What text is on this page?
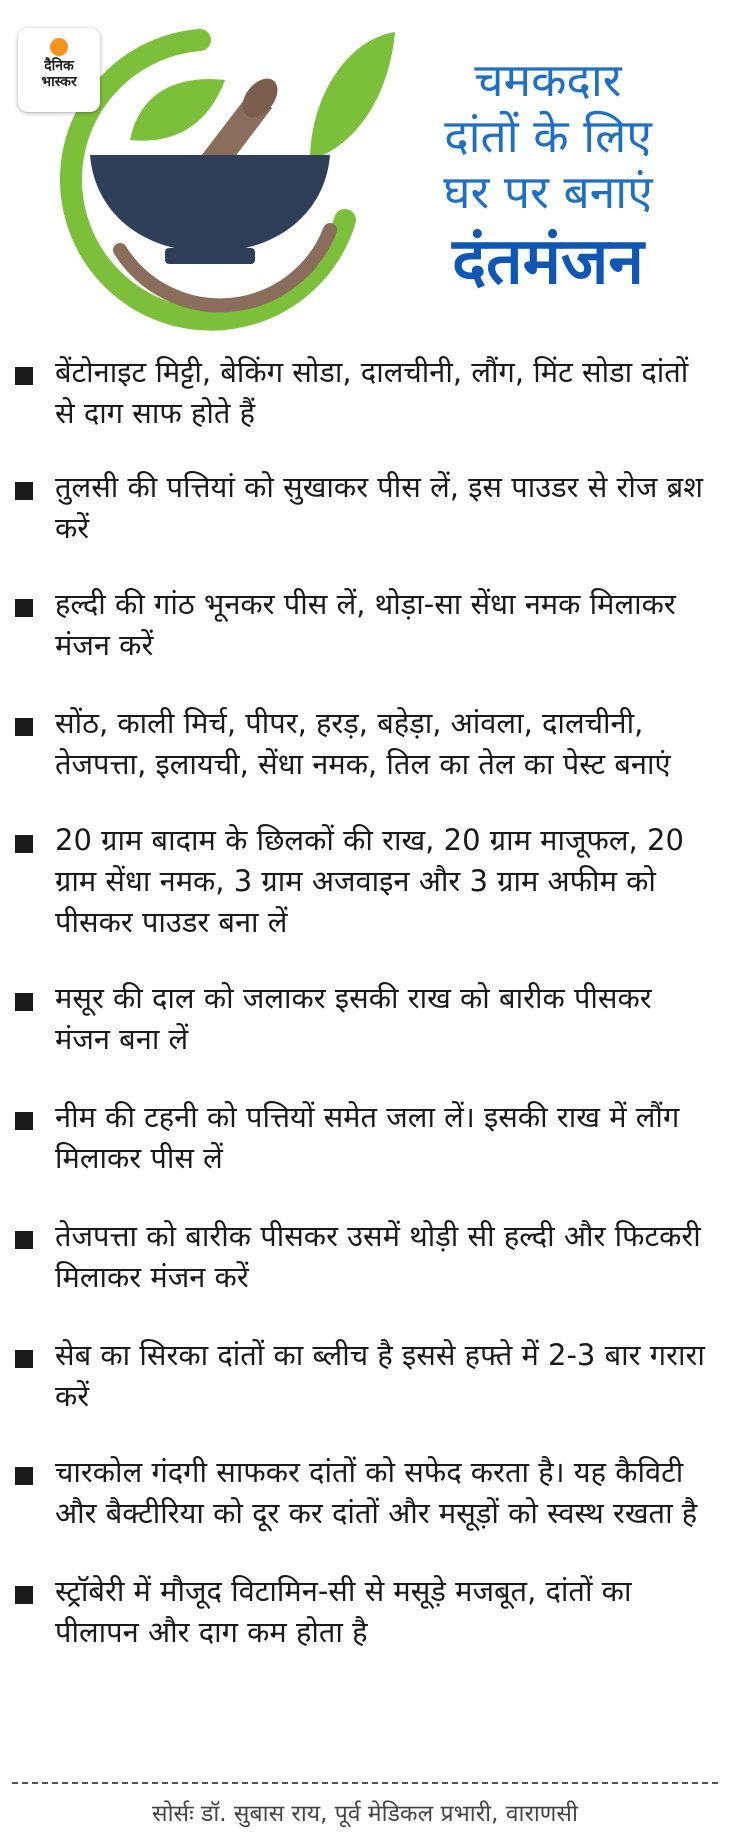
दैनिक
भास्कर	चमकदार
दांतों के लिए
घर पर बनाएं
दंतमंजन
बेंटोनाइट मिट्टी, बेकिंग सोडा, दालचीनी, लौंग, मिंट सोडा दांतों से दाग साफ होते हैं
तुलसी की पत्तियां को सुखाकर पीस लें, इस पाउडर से रोज ब्रश करें
हल्दी की गांठ भूनकर पीस लें, थोड़ा-सा सेंधा नमक मिलाकर मंजन करें
सोंठ, काली मिर्च, पीपर, हरड़, बहेड़ा, आंवला, दालचीनी, तेजपत्ता, इलायची, सेंधा नमक, तिल का तेल का पेस्ट बनाएं
20 ग्राम बादाम के छिलकों की राख, 20 ग्राम माजूफल, 20 ग्राम सेंधा नमक, 3 ग्राम अजवाइन और 3 ग्राम अफीम को पीसकर पाउडर बना लें
मसूर की दाल को जलाकर इसकी राख को बारीक पीसकर मंजन बना लें
नीम की टहनी को पत्तियों समेत जला लें। इसकी राख में लौंग मिलाकर पीस लें
तेजपत्ता को बारीक पीसकर उसमें थोड़ी सी हल्दी और फिटकरी मिलाकर मंजन करें
सेब का सिरका दांतों का ब्लीच है इससे हफ्ते में 2-3 बार गरारा करें
चारकोल गंदगी साफकर दांतों को सफेद करता है। यह कैविटी और बैक्टीरिया को दूर कर दांतों और मसूड़ों को स्वस्थ रखता है
स्ट्रॉबेरी में मौजूद विटामिन-सी से मसूड़े मजबूत, दांतों का पीलापन और दाग कम होता है
सोर्सः डॉ. सुबास राय, पूर्व मेडिकल प्रभारी, वाराणसी
